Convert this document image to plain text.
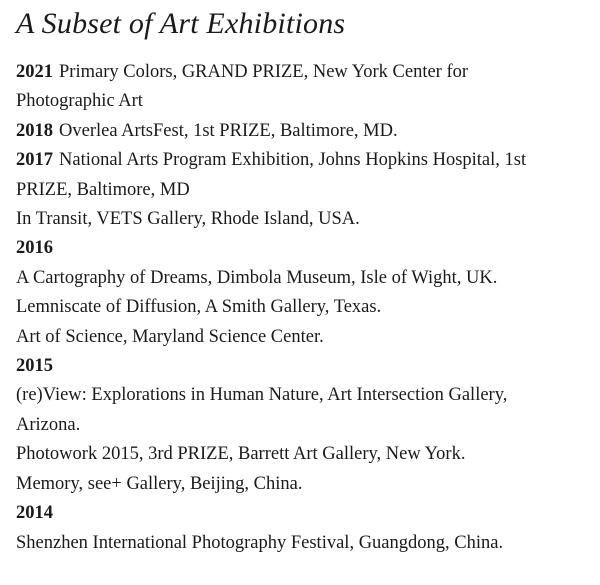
A Subset of Art Exhibitions
2021 Primary Colors, GRAND PRIZE, New York Center for
Photographic Art
2018 Overlea ArtsFest, 1st PRIZE, Baltimore, MD.
2017 National Arts Program Exhibition, Johns Hopkins Hospital, 1st
PRIZE, Baltimore, MD
In Transit, VETS Gallery, Rhode Island, USA.
2016
A Cartography of Dreams, Dimbola Museum, Isle of Wight, UK.
Lemniscate of Diffusion, A Smith Gallery, Texas.
Art of Science, Maryland Science Center.
2015
(re)View: Explorations in Human Nature, Art Intersection Gallery,
Arizona.
Photowork 2015, 3rd PRIZE, Barrett Art Gallery, New York.
Memory, see+ Gallery, Beijing, China.
2014
Shenzhen International Photography Festival, Guangdong, China.
